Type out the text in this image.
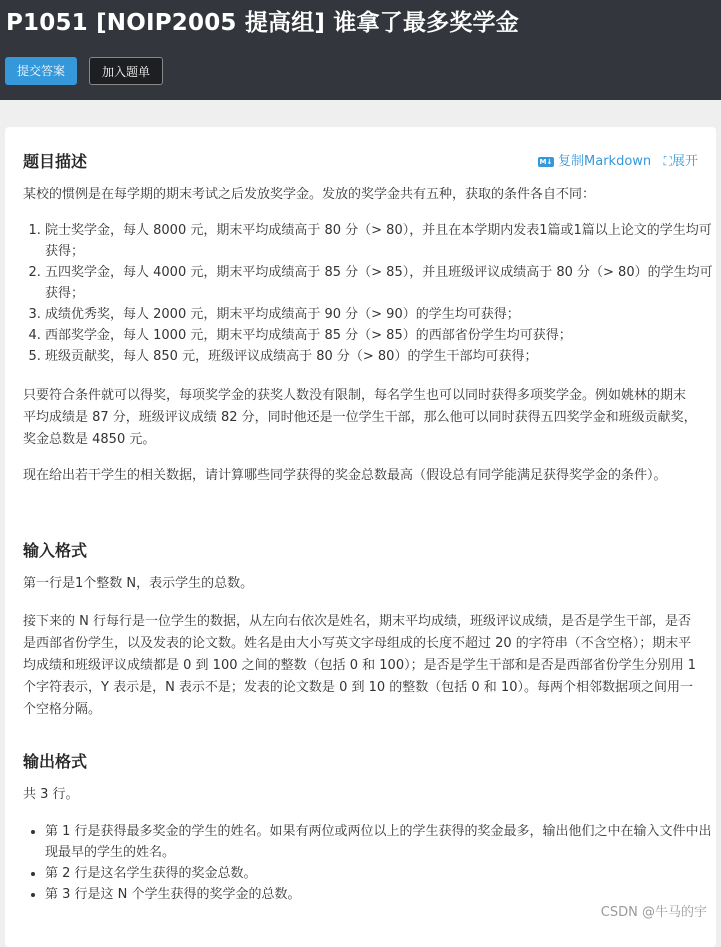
P1051 [NOIP2005 提高组] 谁拿了最多奖学金
提交答案	加入题单
题目描述	M↓ 复制Markdown ⛶展开
某校的惯例是在每学期的期末考试之后发放奖学金。发放的奖学金共有五种，获取的条件各自不同：
1. 院士奖学金，每人 8000 元，期末平均成绩高于 80 分（> 80），并且在本学期内发表1篇或1篇以上论文的学生均可获得；
2. 五四奖学金，每人 4000 元，期末平均成绩高于 85 分（> 85），并且班级评议成绩高于 80 分（> 80）的学生均可获得；
3. 成绩优秀奖，每人 2000 元，期末平均成绩高于 90 分（> 90）的学生均可获得；
4. 西部奖学金，每人 1000 元，期末平均成绩高于 85 分（> 85）的西部省份学生均可获得；
5. 班级贡献奖，每人 850 元，班级评议成绩高于 80 分（> 80）的学生干部均可获得；
只要符合条件就可以得奖，每项奖学金的获奖人数没有限制，每名学生也可以同时获得多项奖学金。例如姚林的期末平均成绩是 87 分，班级评议成绩 82 分，同时他还是一位学生干部，那么他可以同时获得五四奖学金和班级贡献奖，奖金总数是 4850 元。
现在给出若干学生的相关数据，请计算哪些同学获得的奖金总数最高（假设总有同学能满足获得奖学金的条件）。
输入格式
第一行是1个整数 N，表示学生的总数。
接下来的 N 行每行是一位学生的数据，从左向右依次是姓名，期末平均成绩，班级评议成绩，是否是学生干部，是否是西部省份学生，以及发表的论文数。姓名是由大小写英文字母组成的长度不超过 20 的字符串（不含空格）；期末平均成绩和班级评议成绩都是 0 到 100 之间的整数（包括 0 和 100）；是否是学生干部和是否是西部省份学生分别用 1 个字符表示，Y 表示是，N 表示不是；发表的论文数是 0 到 10 的整数（包括 0 和 10）。每两个相邻数据项之间用一个空格分隔。
输出格式
共 3 行。
• 第 1 行是获得最多奖金的学生的姓名。如果有两位或两位以上的学生获得的奖金最多，输出他们之中在输入文件中出现最早的学生的姓名。
• 第 2 行是这名学生获得的奖金总数。
• 第 3 行是这 N 个学生获得的奖学金的总数。
CSDN @牛马的宇
